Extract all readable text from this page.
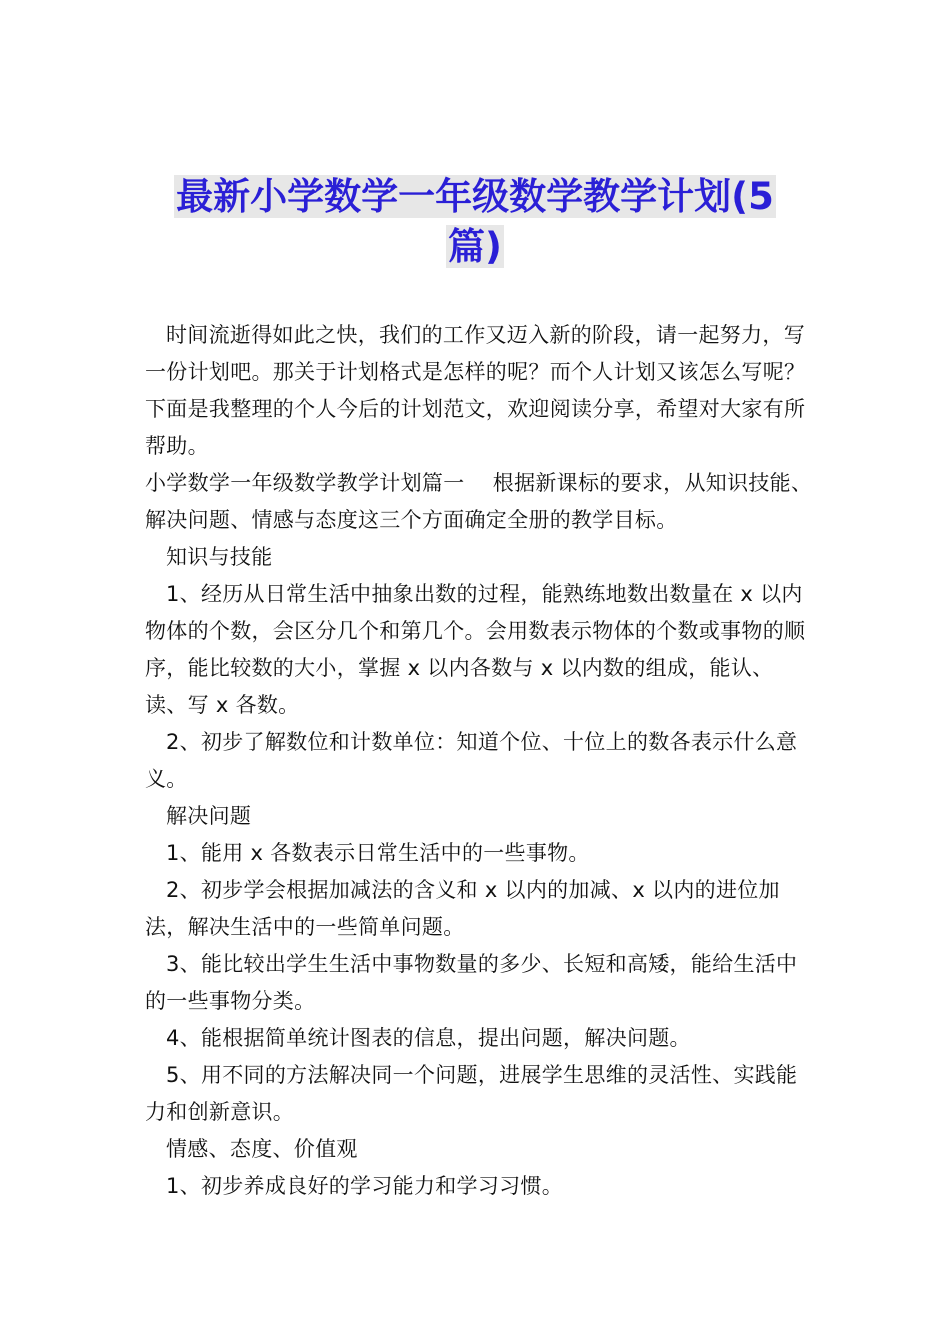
最新小学数学一年级数学教学计划(5
篇)

时间流逝得如此之快，我们的工作又迈入新的阶段，请一起努力，写一份计划吧。那关于计划格式是怎样的呢？而个人计划又该怎么写呢？下面是我整理的个人今后的计划范文，欢迎阅读分享，希望对大家有所帮助。

小学数学一年级数学教学计划篇一　 根据新课标的要求，从知识技能、解决问题、情感与态度这三个方面确定全册的教学目标。

知识与技能

1、经历从日常生活中抽象出数的过程，能熟练地数出数量在 x 以内物体的个数，会区分几个和第几个。会用数表示物体的个数或事物的顺序，能比较数的大小，掌握 x 以内各数与 x 以内数的组成，能认、读、写 x 各数。

2、初步了解数位和计数单位：知道个位、十位上的数各表示什么意义。

解决问题

1、能用 x 各数表示日常生活中的一些事物。

2、初步学会根据加减法的含义和 x 以内的加减、x 以内的进位加法，解决生活中的一些简单问题。

3、能比较出学生生活中事物数量的多少、长短和高矮，能给生活中的一些事物分类。

4、能根据简单统计图表的信息，提出问题，解决问题。

5、用不同的方法解决同一个问题，进展学生思维的灵活性、实践能力和创新意识。

情感、态度、价值观

1、初步养成良好的学习能力和学习习惯。
